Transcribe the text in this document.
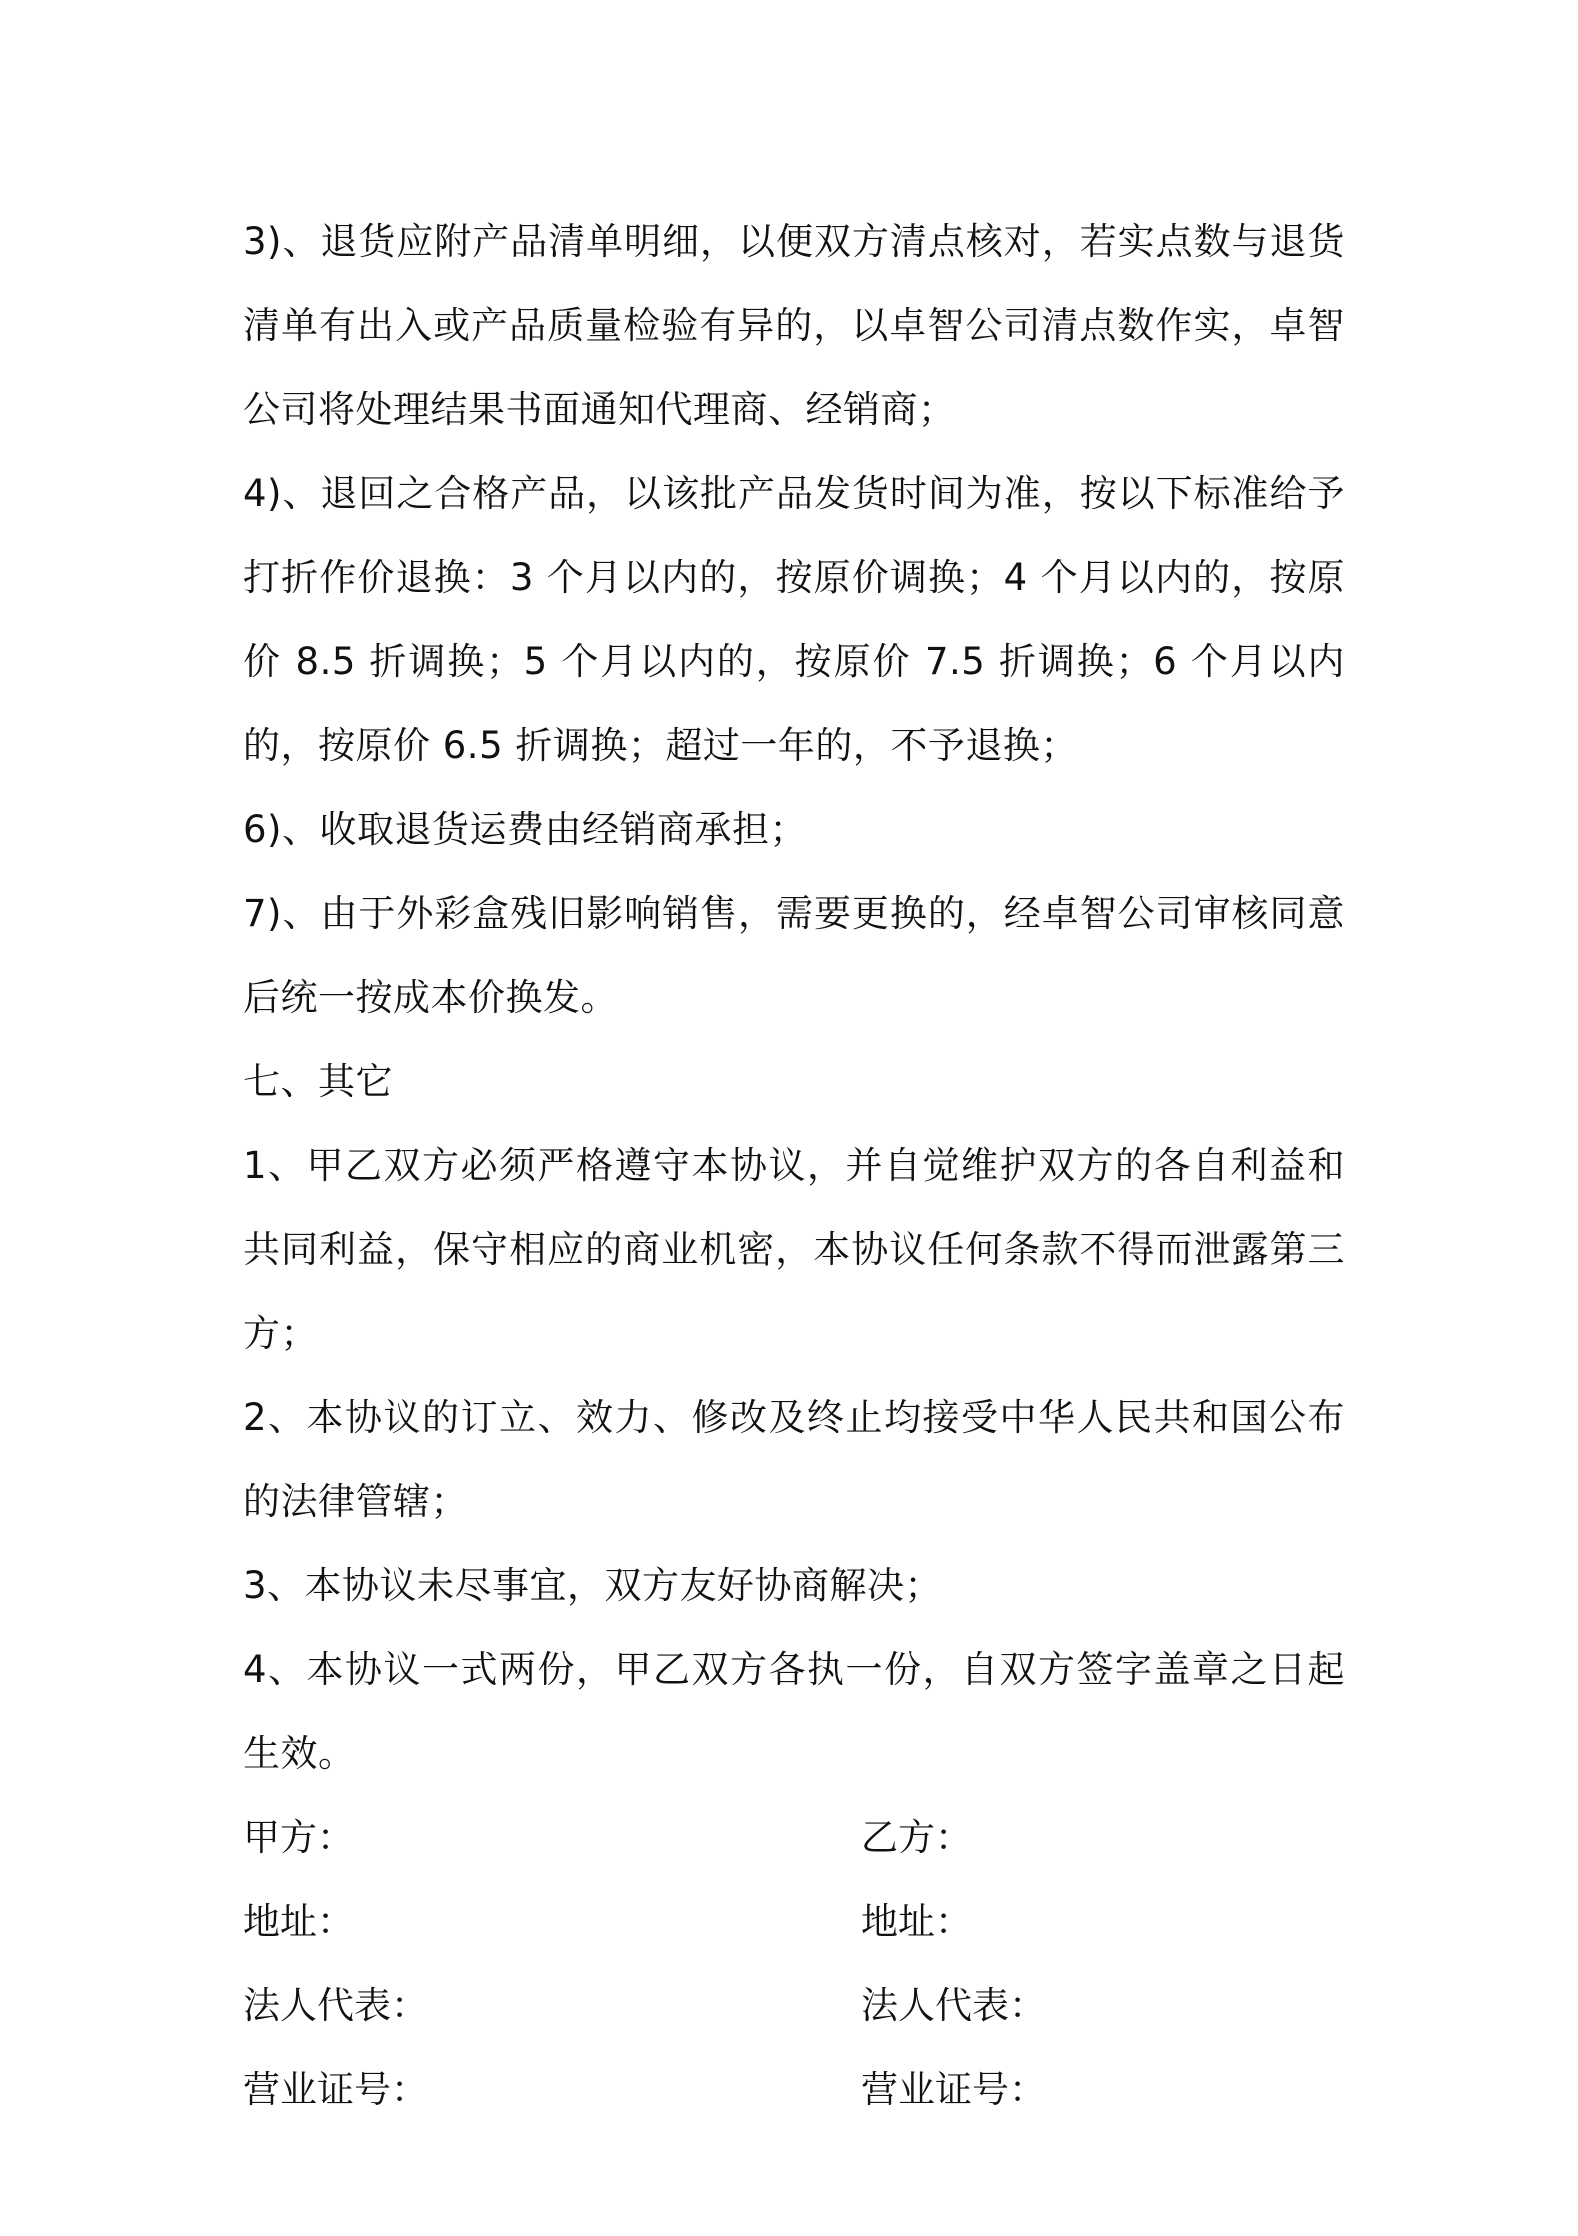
3)、退货应附产品清单明细，以便双方清点核对，若实点数与退货清单有出入或产品质量检验有异的，以卓智公司清点数作实，卓智公司将处理结果书面通知代理商、经销商；

4)、退回之合格产品，以该批产品发货时间为准，按以下标准给予打折作价退换：3 个月以内的，按原价调换；4 个月以内的，按原价 8.5 折调换；5 个月以内的，按原价 7.5 折调换；6 个月以内的，按原价 6.5 折调换；超过一年的，不予退换；

6)、收取退货运费由经销商承担；

7)、由于外彩盒残旧影响销售，需要更换的，经卓智公司审核同意后统一按成本价换发。

七、其它

1、甲乙双方必须严格遵守本协议，并自觉维护双方的各自利益和共同利益，保守相应的商业机密，本协议任何条款不得而泄露第三方；

2、本协议的订立、效力、修改及终止均接受中华人民共和国公布的法律管辖；

3、本协议未尽事宜，双方友好协商解决；

4、本协议一式两份，甲乙双方各执一份，自双方签字盖章之日起生效。

甲方：	乙方：
地址：	地址：
法人代表：	法人代表：
营业证号：	营业证号：
